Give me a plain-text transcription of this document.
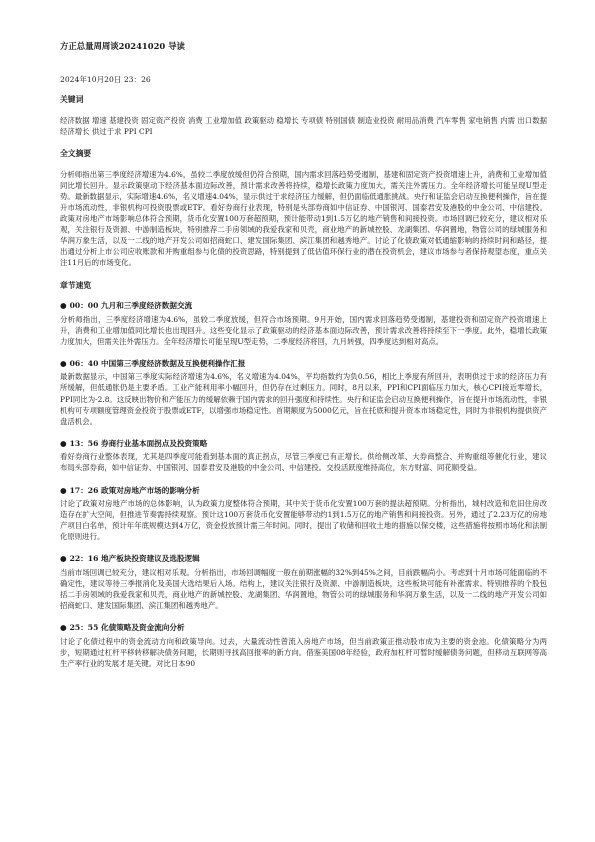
方正总量周周谈20241020 导读
2024年10月20日 23：26
关键词

经济数据 增速 基建投资 固定资产投资 消费 工业增加值 政策驱动 稳增长 专项债 特别国债 制造业投资 耐用品消费 汽车零售 家电销售 内需 出口数据 经济增长 供过于求 PPI CPI

全文摘要

分析师指出第三季度经济增速为4.6%，虽较二季度放缓但仍符合预期，国内需求回落趋势受遏制，基建和固定资产投资增速上升，消费和工业增加值同比增长回升。显示政策驱动下经济基本面边际改善，预计需求改善将持续，稳增长政策力度加大，需关注外需压力。全年经济增长可能呈现U型走势。最新数据显示，实际增速4.6%，名义增速4.04%，显示供过于求经济压力缓解，但仍面临低通胀挑战。央行和证监会启动互换便利操作，旨在提升市场流动性，非银机构可投资股票或ETF。看好券商行业表现，特别是头部券商如中信证券、中国银河、国泰君安及港股的中金公司、中信建投。政策对房地产市场影响总体符合预期，货币化安置100万套超预期，预计能带动1到1.5万亿的地产销售和间接投资。市场回调已较充分，建议相对乐观，关注银行及资源、中游制造板块，特别推荐二手房领域的我爱我家和贝壳，商业地产的新城控股、龙湖集团、华润置地，物管公司的绿城服务和华润万象生活，以及一二线的地产开发公司如招商蛇口、建发国际集团、滨江集团和越秀地产。讨论了化债政策对低通缩影响的持续时间和路径，提出通过分析上市公司应收账款和并购重组参与化债的投资思路，特别提到了低估值环保行业的潜在投资机会，建议市场参与者保持观望态度，重点关注11月后的市场变化。

章节速览
● 00：00 九月和三季度经济数据交流

分析师指出，三季度经济增速为4.6%，虽较二季度放缓，但符合市场预期。9月开始，国内需求回落趋势受遏制，基建投资和固定资产投资增速上升，消费和工业增加值同比增长也出现回升。这些变化显示了政策驱动的经济基本面边际改善，预计需求改善将持续至下一季度。此外，稳增长政策力度加大，但需关注外需压力。全年经济增长可能呈现U型走势，二季度经济将回，九月转强，四季度达到相对高点。

● 06：40 中国第三季度经济数据及互换便利操作汇报

最新数据显示，中国第三季度实际经济增速为4.6%，名义增速为4.04%，平均指数约为负0.56，相比上季度有所回升，表明供过于求的经济压力有所缓解，但低通胀仍是主要矛盾。工业产能利用率小幅回升，但仍存在过剩压力。同时，8月以来，PPI和CPI面临压力加大，核心CPI接近零增长，PPI同比为-2.8。这反映出物价和产能压力的缓解依赖于国内需求的回升强度和持续性。央行和证监会启动互换便利操作，旨在提升市场流动性，非银机构可专项额度管理资金投资于股票或ETF，以增强市场稳定性。首期额度为5000亿元，旨在托底和提升资本市场稳定性，同时为非银机构提供资产盘活机会。

● 13：56 券商行业基本面拐点及投资策略

看好券商行业整体表现，尤其是四季度可能看到基本面的真正拐点，尽管三季度已有正增长。供给侧改革、大券商整合、并购重组等催化行业，建议布局头部券商，如中信证券、中国银河、国泰君安及港股的中金公司、中信建投。交投活跃度维持高位，东方财富、同花顺受益。

● 17：26 政策对房地产市场的影响分析

讨论了政策对房地产市场的总体影响，认为政策力度整体符合预期，其中关于货币化安置100万套的提法超预期。分析指出，城村改造和危旧住房改造存在扩大空间，但推进节奏需持续观察。预计这100万套货币化安置能够带动约1到1.5万亿的地产销售和间接投资。另外，通过了2.23万亿的房地产项目白名单，预计年年底规模达到4万亿，资金投放预计需三年时间。同时，提出了收储和回收土地的措施以保交楼，这些措施将按照市场化和法制化原则进行。

● 22：16 地产板块投资建议及选股逻辑

当前市场回调已较充分，建议相对乐观。分析指出，市场回调幅度一般在前期涨幅的32%到45%之间，目前跌幅尚小。考虑到十月市场可能面临的不确定性，建议等待三季报消化及美国大选结果后入场。结构上，建议关注银行及资源、中游制造板块，这些板块可能有补涨需求。特别推荐的个股包括二手房领域的我爱我家和贝壳，商业地产的新城控股、龙湖集团、华润置地，物管公司的绿城服务和华润万象生活，以及一二线的地产开发公司如招商蛇口、建发国际集团、滨江集团和越秀地产。

● 25：55 化债策略及资金流向分析

讨论了化债过程中的资金流动方向和政策导向。过去，大量流动性曾流入房地产市场，但当前政策正推动股市成为主要的资金池。化债策略分为两步，短期通过杠杆平移转移解决债务问题，长期则寻找高回报率的新方向。借鉴美国08年经验，政府加杠杆可暂时缓解债务问题，但移动互联网等高生产率行业的发展才是关键。对比日本90
